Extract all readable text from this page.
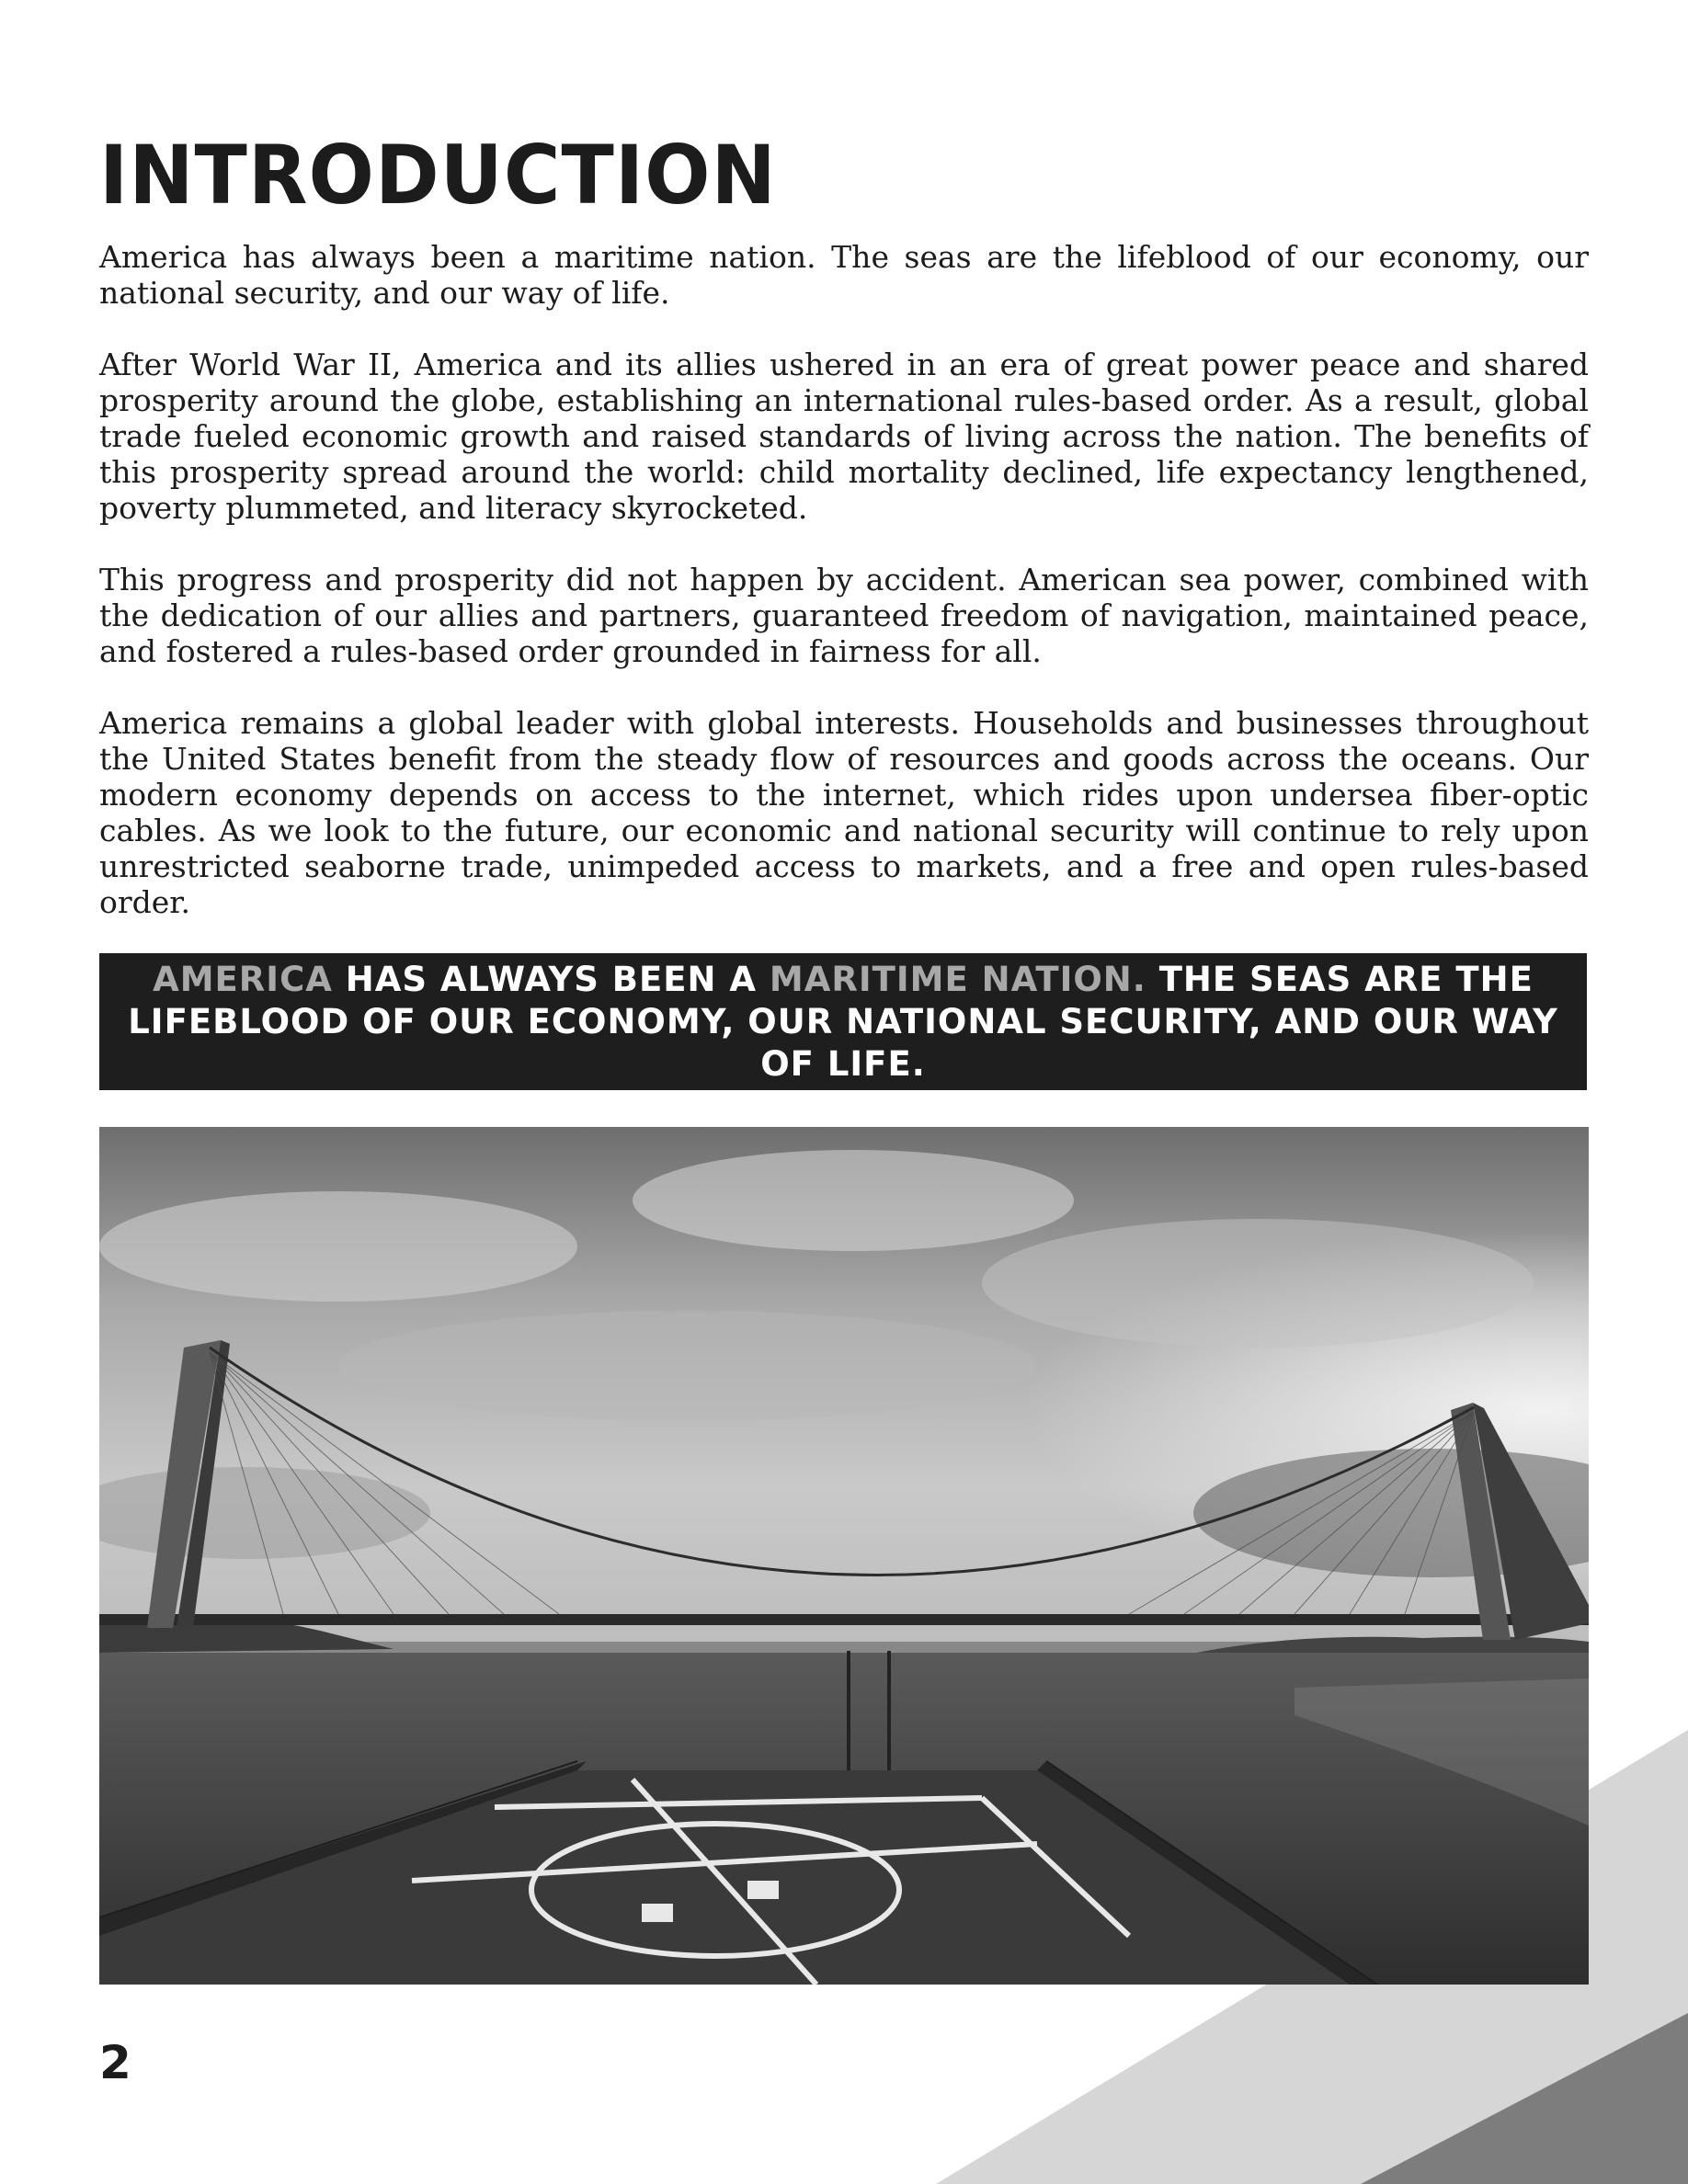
INTRODUCTION

America has always been a maritime nation. The seas are the lifeblood of our economy, our national security, and our way of life.

After World War II, America and its allies ushered in an era of great power peace and shared prosperity around the globe, establishing an international rules-based order. As a result, global trade fueled economic growth and raised standards of living across the nation. The benefits of this prosperity spread around the world: child mortality declined, life expectancy lengthened, poverty plummeted, and literacy skyrocketed.

This progress and prosperity did not happen by accident. American sea power, combined with the dedication of our allies and partners, guaranteed freedom of navigation, maintained peace, and fostered a rules-based order grounded in fairness for all.

America remains a global leader with global interests. Households and businesses throughout the United States benefit from the steady flow of resources and goods across the oceans. Our modern economy depends on access to the internet, which rides upon undersea fiber-optic cables. As we look to the future, our economic and national security will continue to rely upon unrestricted seaborne trade, unimpeded access to markets, and a free and open rules-based order.

AMERICA HAS ALWAYS BEEN A MARITIME NATION. THE SEAS ARE THE
LIFEBLOOD OF OUR ECONOMY, OUR NATIONAL SECURITY, AND OUR WAY OF LIFE.
2
